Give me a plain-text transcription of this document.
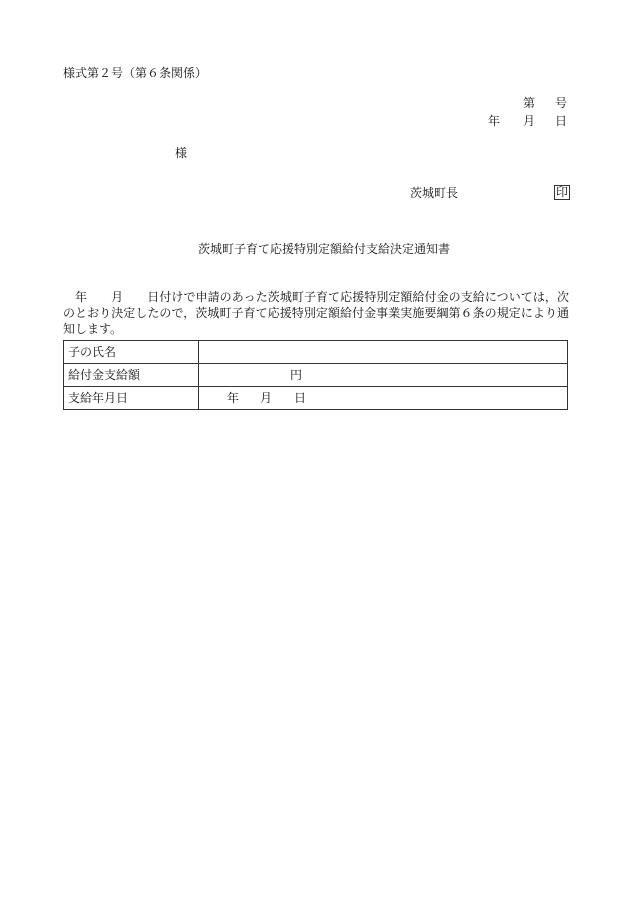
様式第２号（第６条関係）
第 号
年 月 日
様
茨城町長	印
茨城町子育て応援特別定額給付支給決定通知書
年 月 日付けで申請のあった茨城町子育て応援特別定額給付金の支給については，次のとおり決定したので，茨城町子育て応援特別定額給付金事業実施要綱第６条の規定により通知します。
子の氏名	
給付金支給額	円
支給年月日	年 月 日
